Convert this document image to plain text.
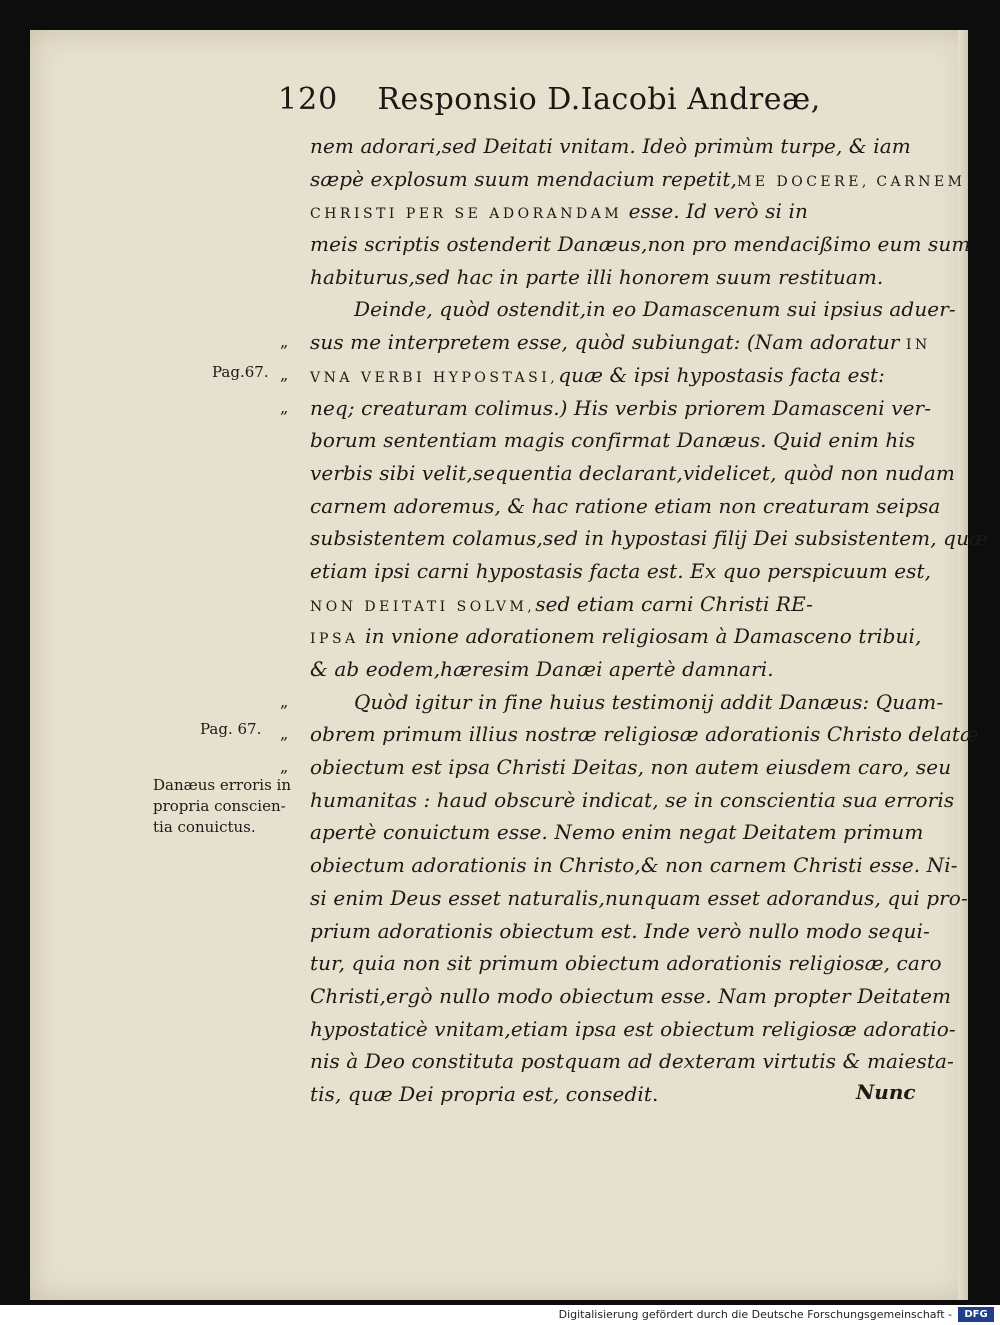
120 Responsio D.Iacobi Andreæ,
nem adorari,sed Deitati vnitam. Ideò primùm turpe, & iam
sæpè explosum suum mendacium repetit,ME DOCERE, CARNEM
CHRISTI PER SE ADORANDAM esse. Id verò si in
meis scriptis ostenderit Danæus,non pro mendacißimo eum sum
habiturus,sed hac in parte illi honorem suum restituam.
Deinde, quòd ostendit,in eo Damascenum sui ipsius aduer-
„ sus me interpretem esse, quòd subiungat: (Nam adoratur IN
„ VNA VERBI HYPOSTASI,quæ & ipsi hypostasis facta est:
„ neq; creaturam colimus.) His verbis priorem Damasceni ver-
borum sententiam magis confirmat Danæus. Quid enim his
verbis sibi velit,sequentia declarant,videlicet, quòd non nudam
carnem adoremus, & hac ratione etiam non creaturam seipsa
subsistentem colamus,sed in hypostasi filij Dei subsistentem, quæ
etiam ipsi carni hypostasis facta est. Ex quo perspicuum est,
NON DEITATI SOLVM,sed etiam carni Christi RE-
IPSA in vnione adorationem religiosam à Damasceno tribui,
& ab eodem,hæresim Danæi apertè damnari.
„	Quòd igitur in fine huius testimonij addit Danæus: Quam-
„ obrem primum illius nostræ religiosæ adorationis Christo delatæ
„ obiectum est ipsa Christi Deitas, non autem eiusdem caro, seu
humanitas : haud obscurè indicat, se in conscientia sua erroris
apertè conuictum esse. Nemo enim negat Deitatem primum
obiectum adorationis in Christo,& non carnem Christi esse. Ni-
si enim Deus esset naturalis,nunquam esset adorandus, qui pro-
prium adorationis obiectum est. Inde verò nullo modo sequi-
tur, quia non sit primum obiectum adorationis religiosæ, caro
Christi,ergò nullo modo obiectum esse. Nam propter Deitatem
hypostaticè vnitam,etiam ipsa est obiectum religiosæ adoratio-
nis à Deo constituta postquam ad dexteram virtutis & maiesta-
tis, quæ Dei propria est, consedit.
Pag.67.
Pag. 67.
Danæus erroris in
propria conscien-
tia conuictus.
Nunc
Digitalisierung gefördert durch die Deutsche Forschungsgemeinschaft -	DFG
